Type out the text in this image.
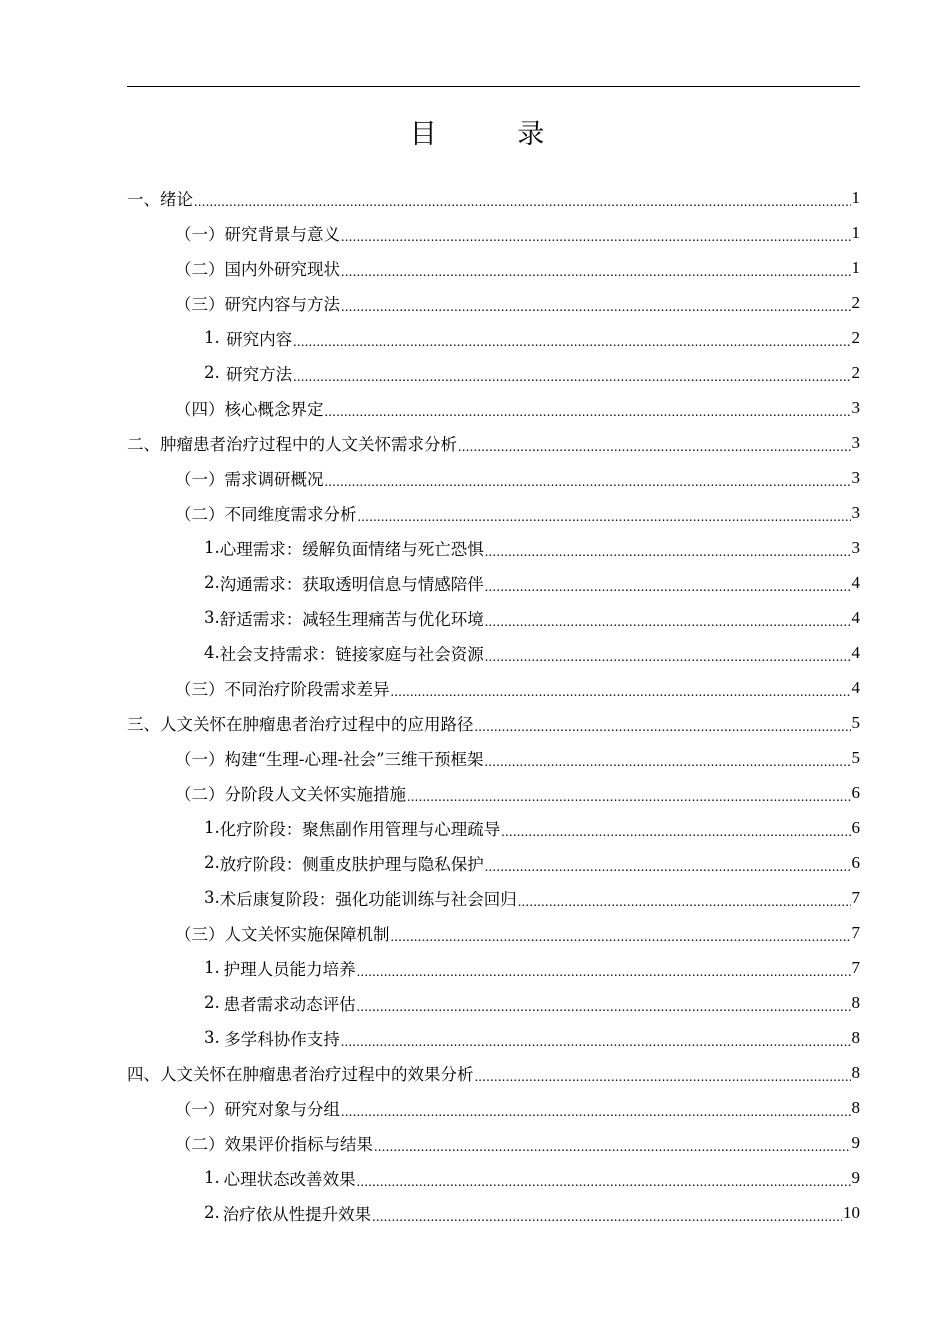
目 录
一、 绪论 .....	1
（一） 研究背景与意义 .....	1
（二） 国内外研究现状 .....	1
（三） 研究内容与方法 .....	2
1. 研究内容 .....	2
2. 研究方法 .....	2
（四） 核心概念界定 .....	3
二、 肿瘤患者治疗过程中的人文关怀需求分析 .....	3
（一） 需求调研概况 .....	3
（二） 不同维度需求分析 .....	3
1. 心理需求：缓解负面情绪与死亡恐惧 .....	3
2. 沟通需求：获取透明信息与情感陪伴 .....	4
3. 舒适需求：减轻生理痛苦与优化环境 .....	4
4. 社会支持需求：链接家庭与社会资源 .....	4
（三） 不同治疗阶段需求差异 .....	4
三、 人文关怀在肿瘤患者治疗过程中的应用路径 .....	5
（一） 构建“生理-心理-社会”三维干预框架 .....	5
（二） 分阶段人文关怀实施措施 .....	6
1. 化疗阶段：聚焦副作用管理与心理疏导 .....	6
2. 放疗阶段：侧重皮肤护理与隐私保护 .....	6
3. 术后康复阶段：强化功能训练与社会回归 .....	7
（三） 人文关怀实施保障机制 .....	7
1. 护理人员能力培养 .....	7
2. 患者需求动态评估 .....	8
3. 多学科协作支持 .....	8
四、 人文关怀在肿瘤患者治疗过程中的效果分析 .....	8
（一） 研究对象与分组 .....	8
（二） 效果评价指标与结果 .....	9
1. 心理状态改善效果 .....	9
2. 治疗依从性提升效果 .....	10
